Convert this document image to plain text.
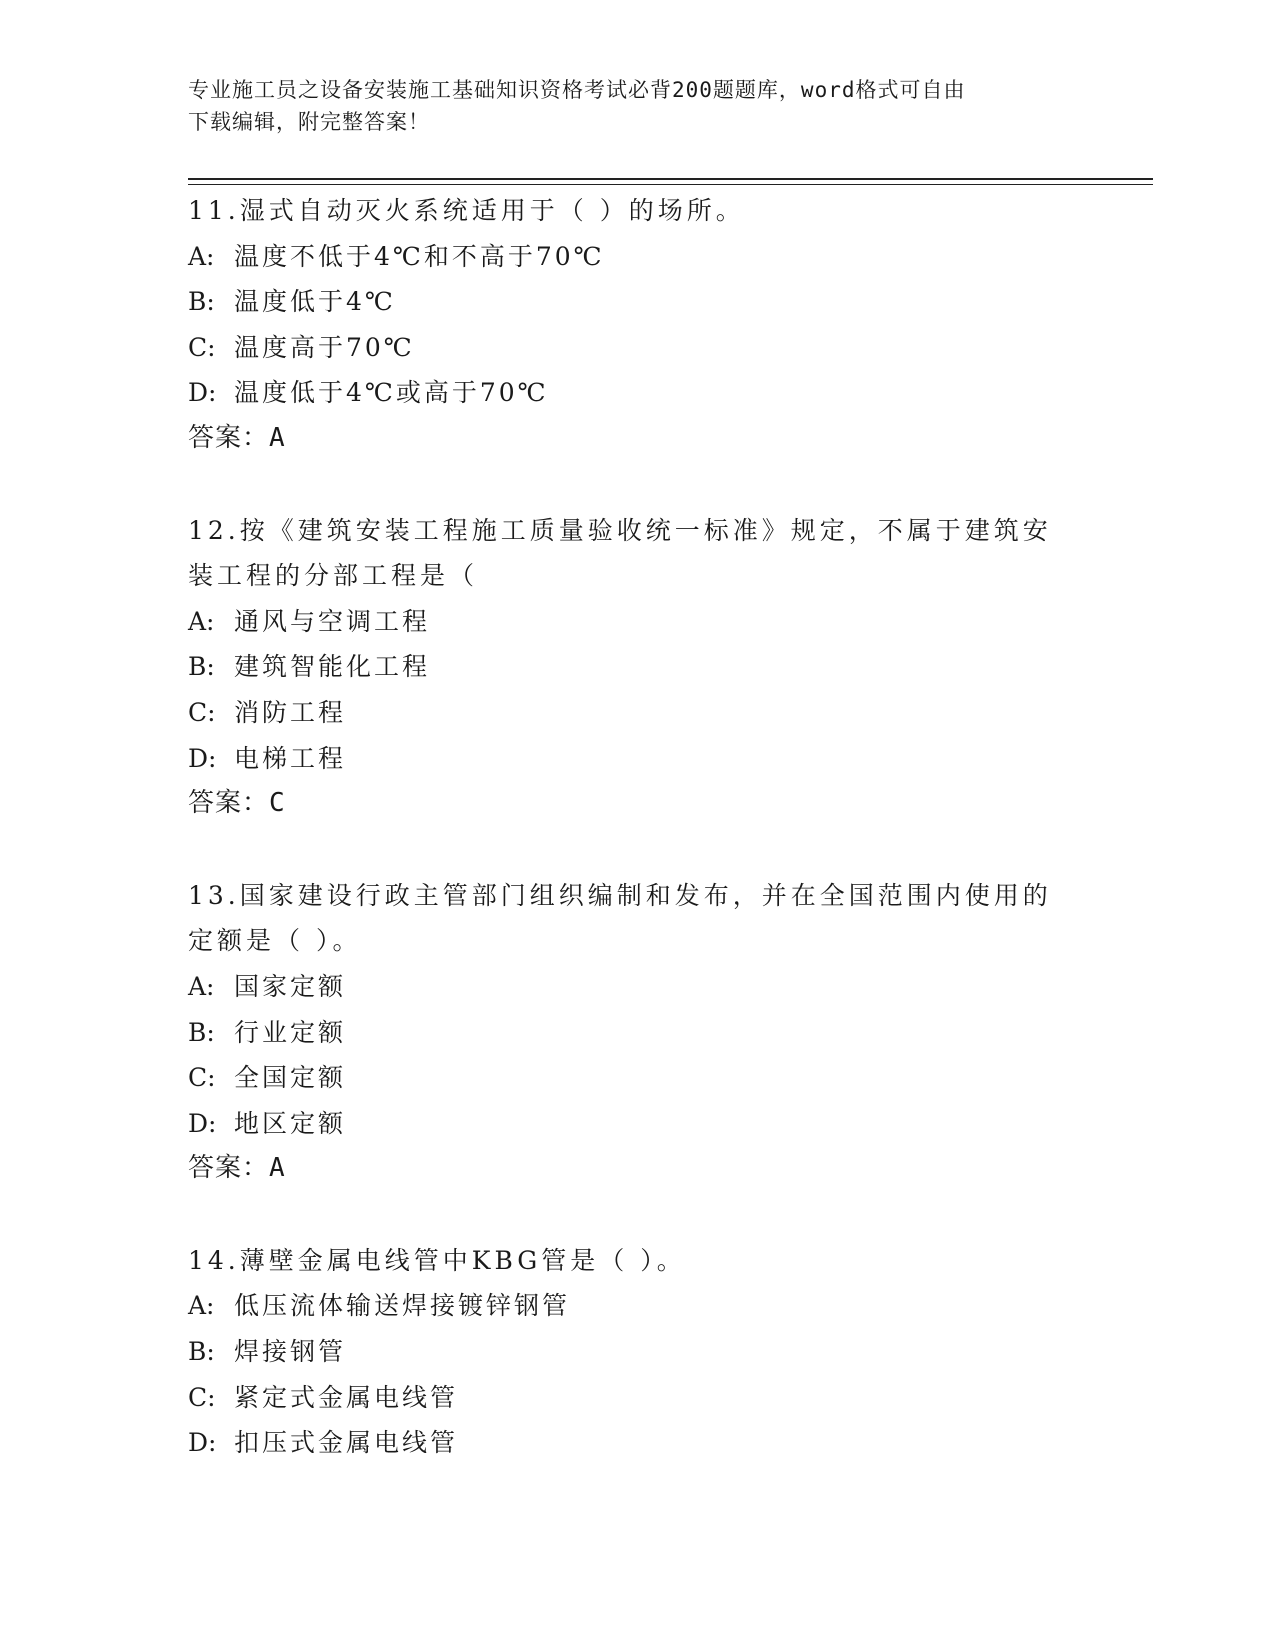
专业施工员之设备安装施工基础知识资格考试必背200题题库，word格式可自由
下载编辑，附完整答案！
11.湿式自动灭火系统适用于（ ）的场所。
A: 温度不低于4℃和不高于70℃
B: 温度低于4℃
C: 温度高于70℃
D: 温度低于4℃或高于70℃
答案：A
12.按《建筑安装工程施工质量验收统一标准》规定，不属于建筑安装工程的分部工程是（
A: 通风与空调工程
B: 建筑智能化工程
C: 消防工程
D: 电梯工程
答案：C
13.国家建设行政主管部门组织编制和发布，并在全国范围内使用的定额是（ ）。
A: 国家定额
B: 行业定额
C: 全国定额
D: 地区定额
答案：A
14.薄壁金属电线管中KBG管是（ ）。
A: 低压流体输送焊接镀锌钢管
B: 焊接钢管
C: 紧定式金属电线管
D: 扣压式金属电线管
